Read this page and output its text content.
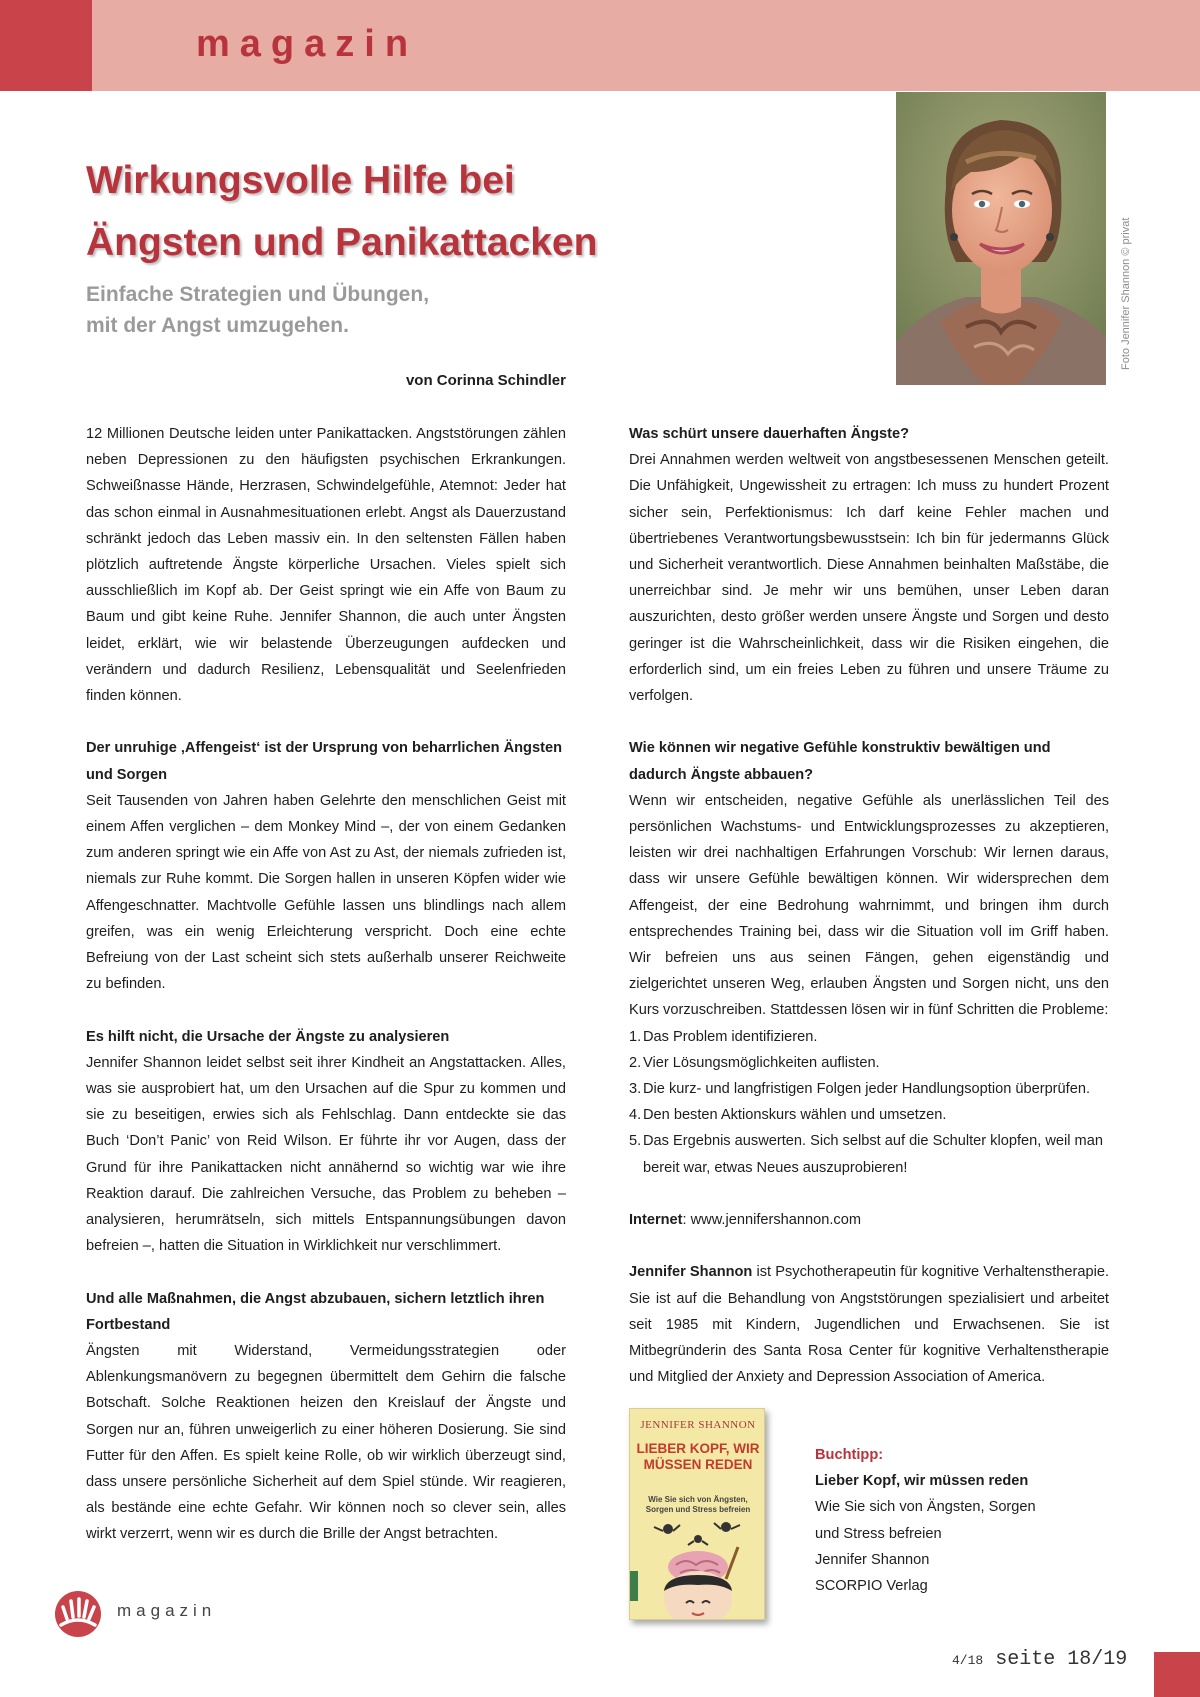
magazin
Wirkungsvolle Hilfe bei
Ängsten und Panikattacken
Einfache Strategien und Übungen,
mit der Angst umzugehen.
von Corinna Schindler
Foto Jennifer Shannon © privat

12 Millionen Deutsche leiden unter Panikattacken. Angststörungen zählen neben Depressionen zu den häufigsten psychischen Erkrankungen. Schweißnasse Hände, Herzrasen, Schwindelgefühle, Atemnot: Jeder hat das schon einmal in Ausnahmesituationen erlebt. Angst als Dauerzustand schränkt jedoch das Leben massiv ein. In den seltensten Fällen haben plötzlich auftretende Ängste körperliche Ursachen. Vieles spielt sich ausschließlich im Kopf ab. Der Geist springt wie ein Affe von Baum zu Baum und gibt keine Ruhe. Jennifer Shannon, die auch unter Ängsten leidet, erklärt, wie wir belastende Überzeugungen aufdecken und verändern und dadurch Resilienz, Lebensqualität und Seelenfrieden finden können.

Der unruhige ‚Affengeist‘ ist der Ursprung von beharrlichen Ängsten und Sorgen

Seit Tausenden von Jahren haben Gelehrte den menschlichen Geist mit einem Affen verglichen – dem Monkey Mind –, der von einem Gedanken zum anderen springt wie ein Affe von Ast zu Ast, der niemals zufrieden ist, niemals zur Ruhe kommt. Die Sorgen hallen in unseren Köpfen wider wie Affengeschnatter. Machtvolle Gefühle lassen uns blindlings nach allem greifen, was ein wenig Erleichterung verspricht. Doch eine echte Befreiung von der Last scheint sich stets außerhalb unserer Reichweite zu befinden.

Es hilft nicht, die Ursache der Ängste zu analysieren

Jennifer Shannon leidet selbst seit ihrer Kindheit an Angstattacken. Alles, was sie ausprobiert hat, um den Ursachen auf die Spur zu kommen und sie zu beseitigen, erwies sich als Fehlschlag. Dann entdeckte sie das Buch ‘Don’t Panic’ von Reid Wilson. Er führte ihr vor Augen, dass der Grund für ihre Panikattacken nicht annähernd so wichtig war wie ihre Reaktion darauf. Die zahlreichen Versuche, das Problem zu beheben – analysieren, herumrätseln, sich mittels Entspannungsübungen davon befreien –, hatten die Situation in Wirklichkeit nur verschlimmert.

Und alle Maßnahmen, die Angst abzubauen, sichern letztlich ihren Fortbestand

Ängsten mit Widerstand, Vermeidungsstrategien oder Ablenkungsmanövern zu begegnen übermittelt dem Gehirn die falsche Botschaft. Solche Reaktionen heizen den Kreislauf der Ängste und Sorgen nur an, führen unweigerlich zu einer höheren Dosierung. Sie sind Futter für den Affen. Es spielt keine Rolle, ob wir wirklich überzeugt sind, dass unsere persönliche Sicherheit auf dem Spiel stünde. Wir reagieren, als bestände eine echte Gefahr. Wir können noch so clever sein, alles wirkt verzerrt, wenn wir es durch die Brille der Angst betrachten.

Was schürt unsere dauerhaften Ängste?

Drei Annahmen werden weltweit von angstbesessenen Menschen geteilt. Die Unfähigkeit, Ungewissheit zu ertragen: Ich muss zu hundert Prozent sicher sein, Perfektionismus: Ich darf keine Fehler machen und übertriebenes Verantwortungsbewusstsein: Ich bin für jedermanns Glück und Sicherheit verantwortlich. Diese Annahmen beinhalten Maßstäbe, die unerreichbar sind. Je mehr wir uns bemühen, unser Leben daran auszurichten, desto größer werden unsere Ängste und Sorgen und desto geringer ist die Wahrscheinlichkeit, dass wir die Risiken eingehen, die erforderlich sind, um ein freies Leben zu führen und unsere Träume zu verfolgen.

Wie können wir negative Gefühle konstruktiv bewältigen und dadurch Ängste abbauen?

Wenn wir entscheiden, negative Gefühle als unerlässlichen Teil des persönlichen Wachstums- und Entwicklungsprozesses zu akzeptieren, leisten wir drei nachhaltigen Erfahrungen Vorschub: Wir lernen daraus, dass wir unsere Gefühle bewältigen können. Wir widersprechen dem Affengeist, der eine Bedrohung wahrnimmt, und bringen ihm durch entsprechendes Training bei, dass wir die Situation voll im Griff haben. Wir befreien uns aus seinen Fängen, gehen eigenständig und zielgerichtet unseren Weg, erlauben Ängsten und Sorgen nicht, uns den Kurs vorzuschreiben. Stattdessen lösen wir in fünf Schritten die Probleme:

1. Das Problem identifizieren.
2. Vier Lösungsmöglichkeiten auflisten.
3. Die kurz- und langfristigen Folgen jeder Handlungsoption überprüfen.
4. Den besten Aktionskurs wählen und umsetzen.
5. Das Ergebnis auswerten. Sich selbst auf die Schulter klopfen, weil man bereit war, etwas Neues auszuprobieren!

Internet: www.jennifershannon.com

Jennifer Shannon ist Psychotherapeutin für kognitive Verhaltenstherapie. Sie ist auf die Behandlung von Angststörungen spezialisiert und arbeitet seit 1985 mit Kindern, Jugendlichen und Erwachsenen. Sie ist Mitbegründerin des Santa Rosa Center für kognitive Verhaltenstherapie und Mitglied der Anxiety and Depression Association of America.

JENNIFER SHANNON
LIEBER KOPF, WIR MÜSSEN REDEN
Wie Sie sich von Ängsten, Sorgen und Stress befreien
Buchtipp:
Lieber Kopf, wir müssen reden
Wie Sie sich von Ängsten, Sorgen
und Stress befreien
Jennifer Shannon
SCORPIO Verlag
magazin
4/18 seite 18/19
